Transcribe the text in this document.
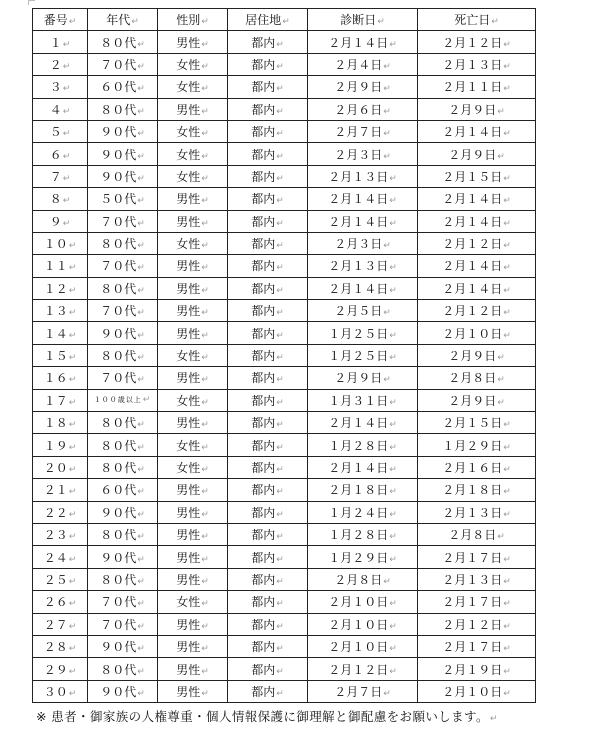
番号↵	年代↵	性別↵	居住地↵	診断日↵	死亡日↵
１↵	８０代↵	男性↵	都内↵	２月１４日↵	２月１２日↵
２↵	７０代↵	女性↵	都内↵	２月４日↵	２月１３日↵
３↵	６０代↵	女性↵	都内↵	２月９日↵	２月１１日↵
４↵	８０代↵	男性↵	都内↵	２月６日↵	２月９日↵
５↵	９０代↵	女性↵	都内↵	２月７日↵	２月１４日↵
６↵	９０代↵	女性↵	都内↵	２月３日↵	２月９日↵
７↵	９０代↵	女性↵	都内↵	２月１３日↵	２月１５日↵
８↵	５０代↵	男性↵	都内↵	２月１４日↵	２月１４日↵
９↵	７０代↵	男性↵	都内↵	２月１４日↵	２月１４日↵
１０↵	８０代↵	女性↵	都内↵	２月３日↵	２月１２日↵
１１↵	７０代↵	男性↵	都内↵	２月１３日↵	２月１４日↵
１２↵	８０代↵	男性↵	都内↵	２月１４日↵	２月１４日↵
１３↵	７０代↵	男性↵	都内↵	２月５日↵	２月１２日↵
１４↵	９０代↵	男性↵	都内↵	１月２５日↵	２月１０日↵
１５↵	８０代↵	女性↵	都内↵	１月２５日↵	２月９日↵
１６↵	７０代↵	男性↵	都内↵	２月９日↵	２月８日↵
１７↵	１００歳以上↵	女性↵	都内↵	１月３１日↵	２月９日↵
１８↵	８０代↵	男性↵	都内↵	２月１４日↵	２月１５日↵
１９↵	８０代↵	女性↵	都内↵	１月２８日↵	１月２９日↵
２０↵	８０代↵	女性↵	都内↵	２月１４日↵	２月１６日↵
２１↵	６０代↵	男性↵	都内↵	２月１８日↵	２月１８日↵
２２↵	９０代↵	男性↵	都内↵	１月２４日↵	２月１３日↵
２３↵	８０代↵	男性↵	都内↵	１月２８日↵	２月８日↵
２４↵	９０代↵	男性↵	都内↵	１月２９日↵	２月１７日↵
２５↵	８０代↵	男性↵	都内↵	２月８日↵	２月１３日↵
２６↵	７０代↵	女性↵	都内↵	２月１０日↵	２月１７日↵
２７↵	７０代↵	男性↵	都内↵	２月１０日↵	２月１２日↵
２８↵	９０代↵	男性↵	都内↵	２月１０日↵	２月１７日↵
２９↵	８０代↵	男性↵	都内↵	２月１２日↵	２月１９日↵
３０↵	９０代↵	男性↵	都内↵	２月７日↵	２月１０日↵
※ 患者・御家族の人権尊重・個人情報保護に御理解と御配慮をお願いします。↵
